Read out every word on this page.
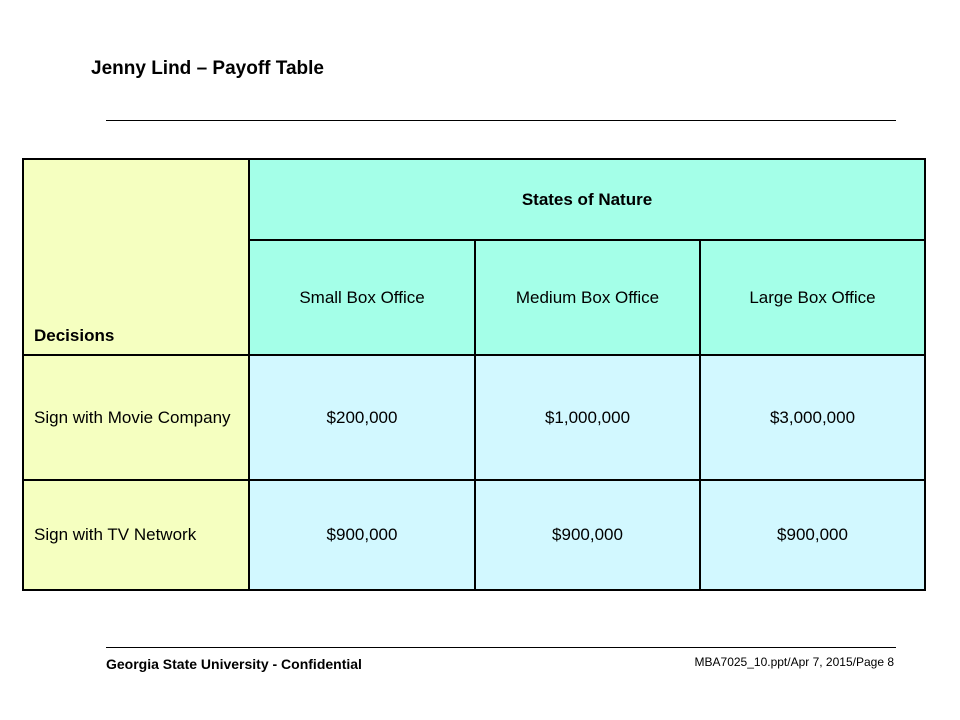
Jenny Lind – Payoff Table
Decisions	States of Nature		
	Small Box Office	Medium Box Office	Large Box Office
Sign with Movie Company	$200,000	$1,000,000	$3,000,000
Sign with TV Network	$900,000	$900,000	$900,000
Georgia State University - Confidential	MBA7025_10.ppt/Apr 7, 2015/Page 8
